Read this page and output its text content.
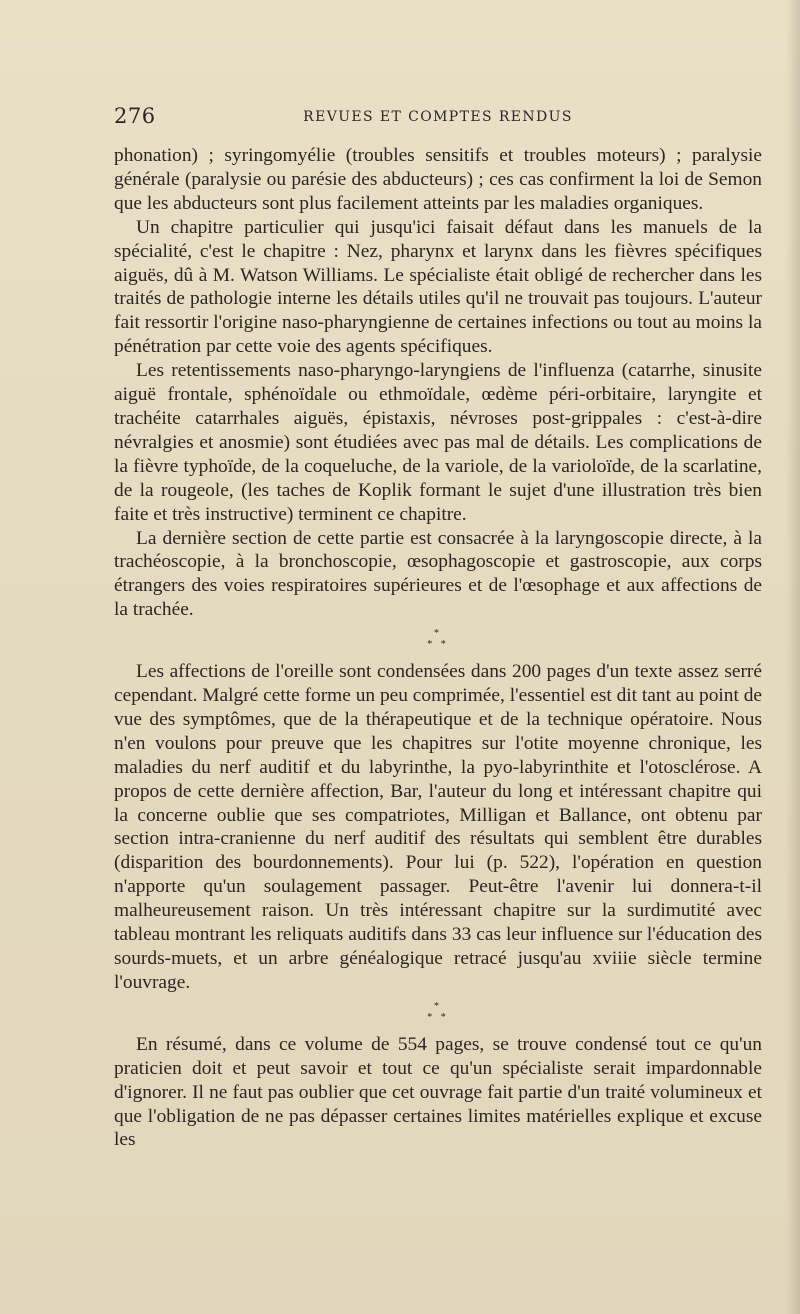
276	REVUES ET COMPTES RENDUS

phonation) ; syringomyélie (troubles sensitifs et troubles moteurs) ; paralysie générale (paralysie ou parésie des abducteurs) ; ces cas confirment la loi de Semon que les abducteurs sont plus facilement atteints par les maladies organiques.

Un chapitre particulier qui jusqu'ici faisait défaut dans les manuels de la spécialité, c'est le chapitre : Nez, pharynx et larynx dans les fièvres spécifiques aiguës, dû à M. Watson Williams. Le spécialiste était obligé de rechercher dans les traités de pathologie interne les détails utiles qu'il ne trouvait pas toujours. L'auteur fait ressortir l'origine naso-pharyngienne de certaines infections ou tout au moins la pénétration par cette voie des agents spécifiques.

Les retentissements naso-pharyngo-laryngiens de l'influenza (catarrhe, sinusite aiguë frontale, sphénoïdale ou ethmoïdale, œdème péri-orbitaire, laryngite et trachéite catarrhales aiguës, épistaxis, névroses post-grippales : c'est-à-dire névralgies et anosmie) sont étudiées avec pas mal de détails. Les complications de la fièvre typhoïde, de la coqueluche, de la variole, de la varioloïde, de la scarlatine, de la rougeole, (les taches de Koplik formant le sujet d'une illustration très bien faite et très instructive) terminent ce chapitre.

La dernière section de cette partie est consacrée à la laryngoscopie directe, à la trachéoscopie, à la bronchoscopie, œsophagoscopie et gastroscopie, aux corps étrangers des voies respiratoires supérieures et de l'œsophage et aux affections de la trachée.

*
* *

Les affections de l'oreille sont condensées dans 200 pages d'un texte assez serré cependant. Malgré cette forme un peu comprimée, l'essentiel est dit tant au point de vue des symptômes, que de la thérapeutique et de la technique opératoire. Nous n'en voulons pour preuve que les chapitres sur l'otite moyenne chronique, les maladies du nerf auditif et du labyrinthe, la pyo-labyrinthite et l'otosclérose. A propos de cette dernière affection, Bar, l'auteur du long et intéressant chapitre qui la concerne oublie que ses compatriotes, Milligan et Ballance, ont obtenu par section intra-cranienne du nerf auditif des résultats qui semblent être durables (disparition des bourdonnements). Pour lui (p. 522), l'opération en question n'apporte qu'un soulagement passager. Peut-être l'avenir lui donnera-t-il malheureusement raison. Un très intéressant chapitre sur la surdimutité avec tableau montrant les reliquats auditifs dans 33 cas leur influence sur l'éducation des sourds-muets, et un arbre généalogique retracé jusqu'au xviiie siècle termine l'ouvrage.

*
* *

En résumé, dans ce volume de 554 pages, se trouve condensé tout ce qu'un praticien doit et peut savoir et tout ce qu'un spécialiste serait impardonnable d'ignorer. Il ne faut pas oublier que cet ouvrage fait partie d'un traité volumineux et que l'obligation de ne pas dépasser certaines limites matérielles explique et excuse les
